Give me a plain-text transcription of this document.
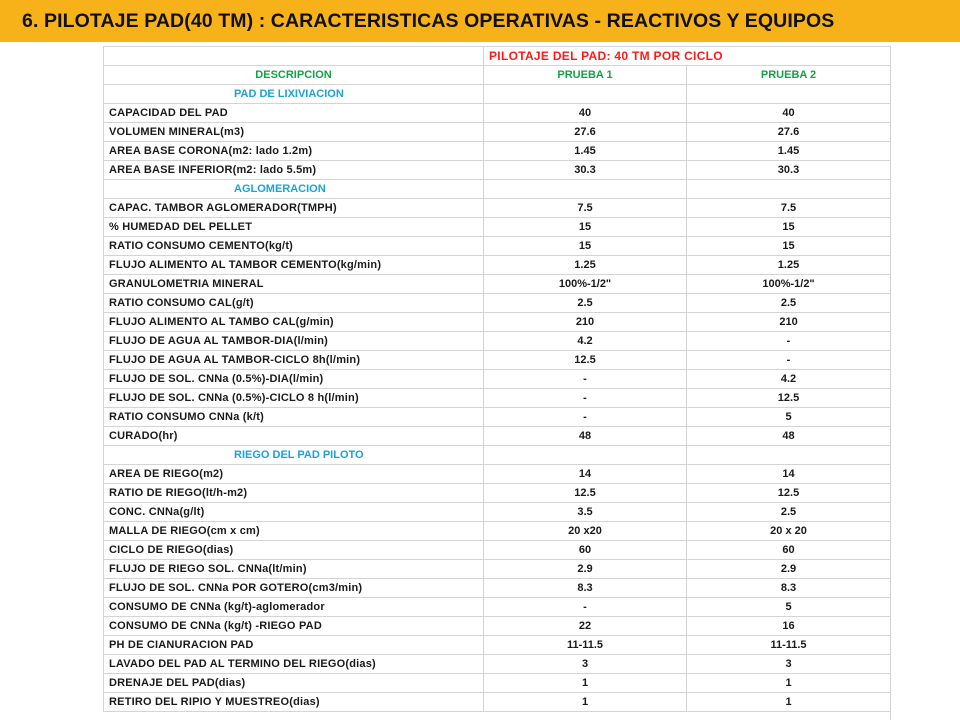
6. PILOTAJE PAD(40 TM) : CARACTERISTICAS OPERATIVAS - REACTIVOS Y EQUIPOS
	PILOTAJE DEL PAD: 40 TM POR CICLO	
DESCRIPCION	PRUEBA 1	PRUEBA 2
PAD DE LIXIVIACION		
CAPACIDAD DEL PAD	40	40
VOLUMEN MINERAL(m3)	27.6	27.6
AREA BASE CORONA(m2: lado 1.2m)	1.45	1.45
AREA BASE INFERIOR(m2: lado 5.5m)	30.3	30.3
AGLOMERACION		
CAPAC. TAMBOR AGLOMERADOR(TMPH)	7.5	7.5
% HUMEDAD DEL PELLET	15	15
RATIO CONSUMO CEMENTO(kg/t)	15	15
FLUJO ALIMENTO AL TAMBOR CEMENTO(kg/min)	1.25	1.25
GRANULOMETRIA MINERAL	100%-1/2"	100%-1/2"
RATIO CONSUMO CAL(g/t)	2.5	2.5
FLUJO ALIMENTO AL TAMBO CAL(g/min)	210	210
FLUJO DE AGUA AL TAMBOR-DIA(l/min)	4.2	-
FLUJO DE AGUA AL TAMBOR-CICLO 8h(l/min)	12.5	-
FLUJO DE SOL. CNNa (0.5%)-DIA(l/min)	-	4.2
FLUJO DE SOL. CNNa (0.5%)-CICLO 8 h(l/min)	-	12.5
RATIO CONSUMO CNNa (k/t)	-	5
CURADO(hr)	48	48
RIEGO DEL PAD PILOTO		
AREA DE RIEGO(m2)	14	14
RATIO DE RIEGO(lt/h-m2)	12.5	12.5
CONC. CNNa(g/lt)	3.5	2.5
MALLA DE RIEGO(cm x cm)	20 x20	20 x 20
CICLO DE RIEGO(dias)	60	60
FLUJO DE RIEGO SOL. CNNa(lt/min)	2.9	2.9
FLUJO DE SOL. CNNa POR GOTERO(cm3/min)	8.3	8.3
CONSUMO DE CNNa (kg/t)-aglomerador	-	5
CONSUMO DE CNNa (kg/t) -RIEGO PAD	22	16
PH DE CIANURACION PAD	11-11.5	11-11.5
LAVADO DEL PAD AL TERMINO DEL RIEGO(dias)	3	3
DRENAJE DEL PAD(dias)	1	1
RETIRO DEL RIPIO Y MUESTREO(dias)	1	1
